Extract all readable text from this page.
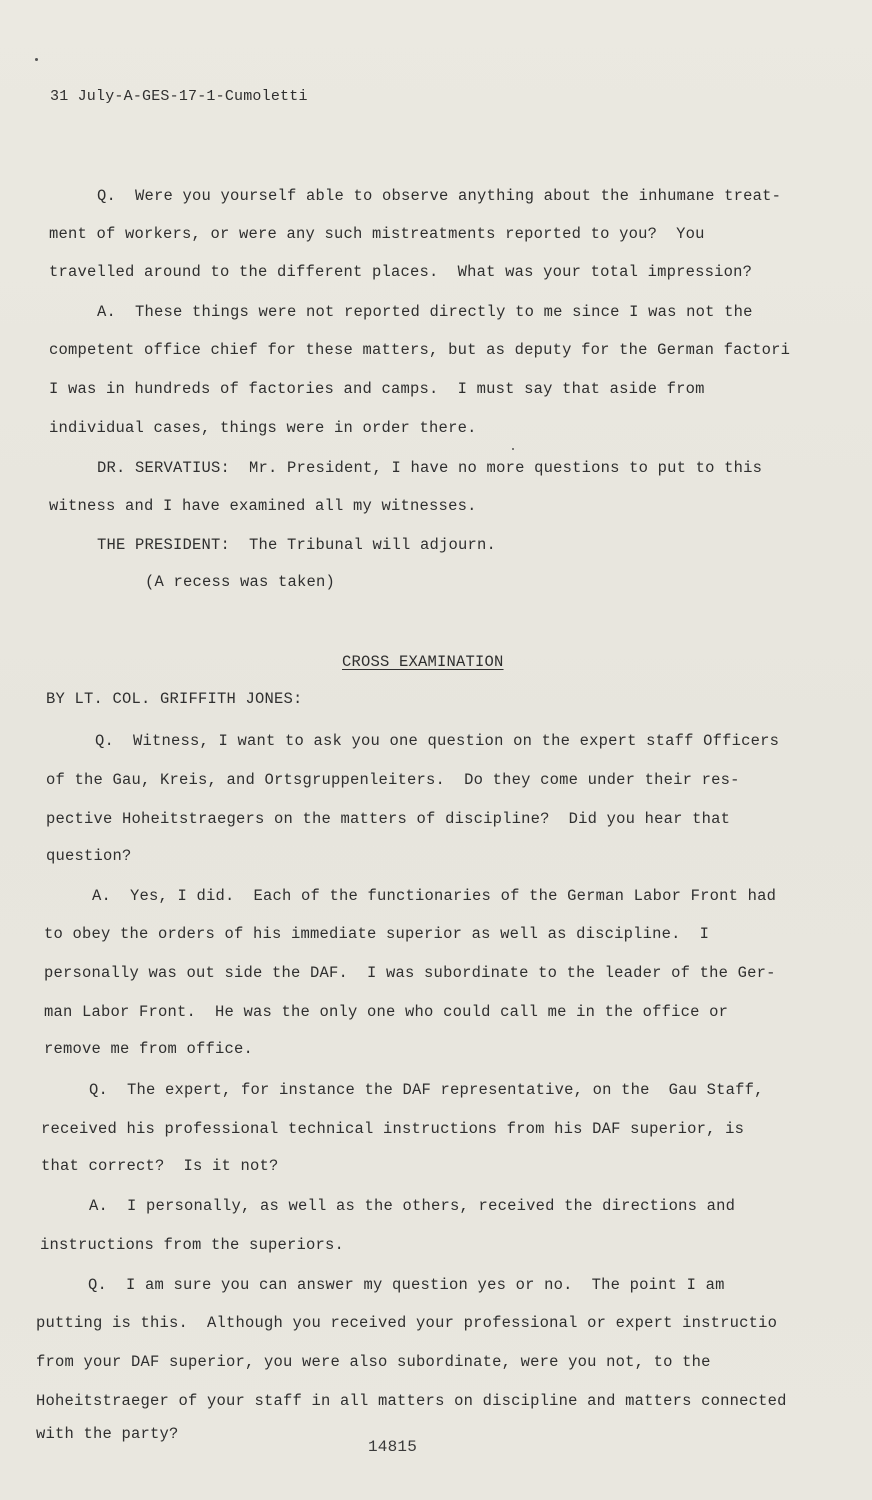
31 July-A-GES-17-1-Cumoletti
Q.  Were you yourself able to observe anything about the inhumane treat-
ment of workers, or were any such mistreatments reported to you?  You
travelled around to the different places.  What was your total impression?
A.  These things were not reported directly to me since I was not the
competent office chief for these matters, but as deputy for the German factori
I was in hundreds of factories and camps.  I must say that aside from
individual cases, things were in order there.
DR. SERVATIUS:  Mr. President, I have no more questions to put to this
witness and I have examined all my witnesses.
THE PRESIDENT:  The Tribunal will adjourn.
(A recess was taken)
CROSS EXAMINATION
BY LT. COL. GRIFFITH JONES:
Q.  Witness, I want to ask you one question on the expert staff Officers
of the Gau, Kreis, and Ortsgruppenleiters.  Do they come under their res-
pective Hoheitstraegers on the matters of discipline?  Did you hear that
question?
A.  Yes, I did.  Each of the functionaries of the German Labor Front had
to obey the orders of his immediate superior as well as discipline.  I
personally was out side the DAF.  I was subordinate to the leader of the Ger-
man Labor Front.  He was the only one who could call me in the office or
remove me from office.
Q.  The expert, for instance the DAF representative, on the  Gau Staff,
received his professional technical instructions from his DAF superior, is
that correct?  Is it not?
A.  I personally, as well as the others, received the directions and
instructions from the superiors.
Q.  I am sure you can answer my question yes or no.  The point I am
putting is this.  Although you received your professional or expert instructio
from your DAF superior, you were also subordinate, were you not, to the
Hoheitstraeger of your staff in all matters on discipline and matters connected
with the party?
14815
